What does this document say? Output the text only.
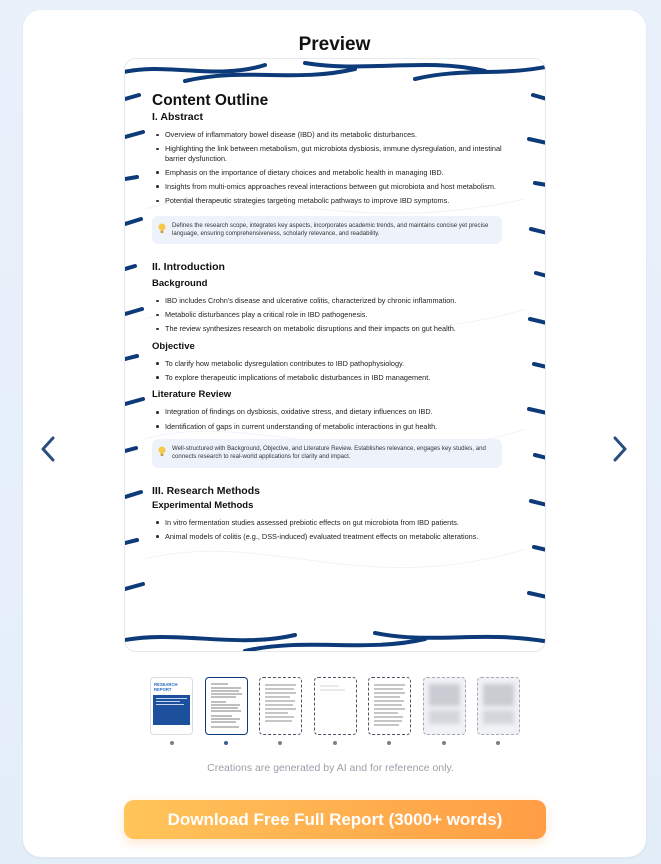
Preview
Content Outline
I. Abstract
Overview of inflammatory bowel disease (IBD) and its metabolic disturbances.
Highlighting the link between metabolism, gut microbiota dysbiosis, immune dysregulation, and intestinal barrier dysfunction.
Emphasis on the importance of dietary choices and metabolic health in managing IBD.
Insights from multi-omics approaches reveal interactions between gut microbiota and host metabolism.
Potential therapeutic strategies targeting metabolic pathways to improve IBD symptoms.
Defines the research scope, integrates key aspects, incorporates academic trends, and maintains concise yet precise language, ensuring comprehensiveness, scholarly relevance, and readability.
II. Introduction
Background
IBD includes Crohn's disease and ulcerative colitis, characterized by chronic inflammation.
Metabolic disturbances play a critical role in IBD pathogenesis.
The review synthesizes research on metabolic disruptions and their impacts on gut health.
Objective
To clarify how metabolic dysregulation contributes to IBD pathophysiology.
To explore therapeutic implications of metabolic disturbances in IBD management.
Literature Review
Integration of findings on dysbiosis, oxidative stress, and dietary influences on IBD.
Identification of gaps in current understanding of metabolic interactions in gut health.
Well-structured with Background, Objective, and Literature Review. Establishes relevance, engages key studies, and connects research to real-world applications for clarity and impact.
III. Research Methods
Experimental Methods
In vitro fermentation studies assessed prebiotic effects on gut microbiota from IBD patients.
Animal models of colitis (e.g., DSS-induced) evaluated treatment effects on metabolic alterations.
RESEARCH REPORT
Creations are generated by AI and for reference only.
Download Free Full Report (3000+ words)
